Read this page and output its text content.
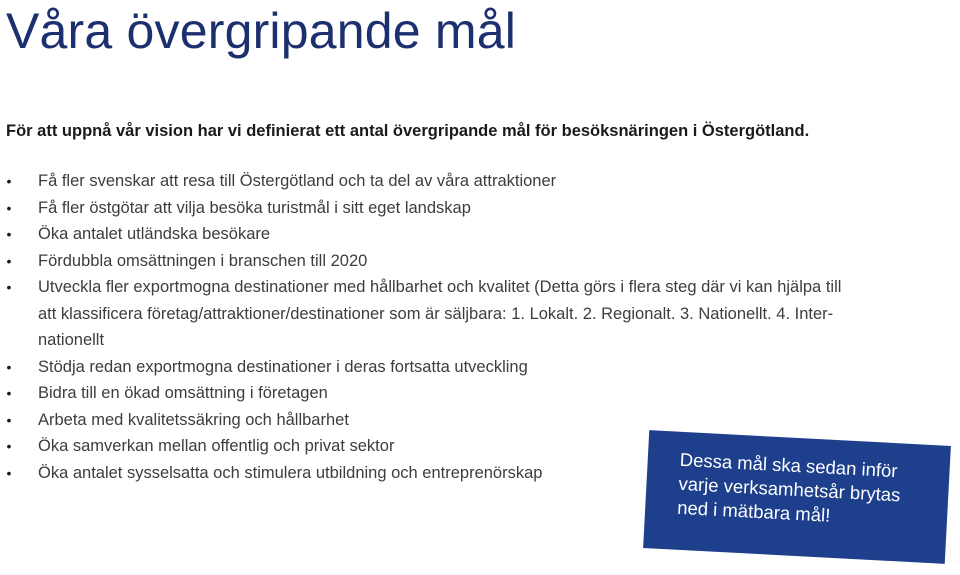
Våra övergripande mål

För att uppnå vår vision har vi definierat ett antal övergripande mål för besöksnäringen i Östergötland.

• Få fler svenskar att resa till Östergötland och ta del av våra attraktioner
• Få fler östgötar att vilja besöka turistmål i sitt eget landskap
• Öka antalet utländska besökare
• Fördubbla omsättningen i branschen till 2020
• Utveckla fler exportmogna destinationer med hållbarhet och kvalitet (Detta görs i flera steg där vi kan hjälpa till
att klassificera företag/attraktioner/destinationer som är säljbara: 1. Lokalt. 2. Regionalt. 3. Nationellt. 4. Inter-
nationellt
• Stödja redan exportmogna destinationer i deras fortsatta utveckling
• Bidra till en ökad omsättning i företagen
• Arbeta med kvalitetssäkring och hållbarhet
• Öka samverkan mellan offentlig och privat sektor
• Öka antalet sysselsatta och stimulera utbildning och entreprenörskap	Dessa mål ska sedan inför
varje verksamhetsår brytas
ned i mätbara mål!
